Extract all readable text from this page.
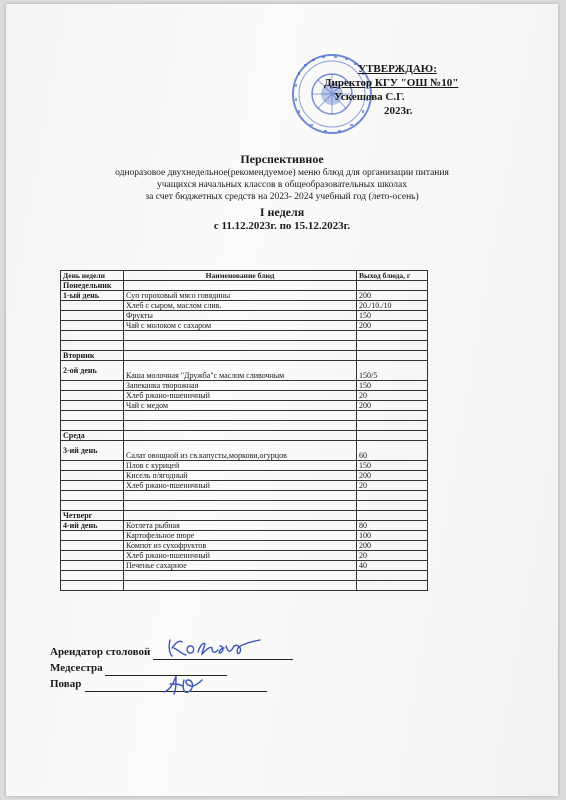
УТВЕРЖДАЮ:
Директор КГУ "ОШ №10"
Ускешова С.Г.
2023г.
Перспективное
одноразовое двухнедельное(рекомендуемое) меню блюд для организации питания
учащихся начальных классов в общеобразовательных школах
за счет бюджетных средств на 2023- 2024 учебный год (лето-осень)
I неделя
с 11.12.2023г. по 15.12.2023г.
День недели	Наименование блюд	Выход блюда, г
Понедельник		
1-ый день	Суп гороховый мясо говядины	200
	Хлеб с сыром, маслом слив.	20./10./10
	Фрукты	150
	Чай с молоком с сахаром	200

Вторник		
2-ой день	Каша молочная "Дружба"с маслом сливочным	150/5
	Запеканка творожная	150
	Хлеб ржано-пшеничный	20
	Чай с медом	200

Среда		
3-ий день	Салат овощной из св.капусты,моркови,огурцов	60
	Плов с курицей	150
	Кисель п/ягодный	200
	Хлеб ржано-пшеничный	20

Четверг		
4-ий день	Котлета рыбная	80
	Картофельное пюре	100
	Компот из сухофруктов	200
	Хлеб ржано-пшеничный	20
	Печенье сахарное	40

Арендатор столовой
Медсестра
Повар
